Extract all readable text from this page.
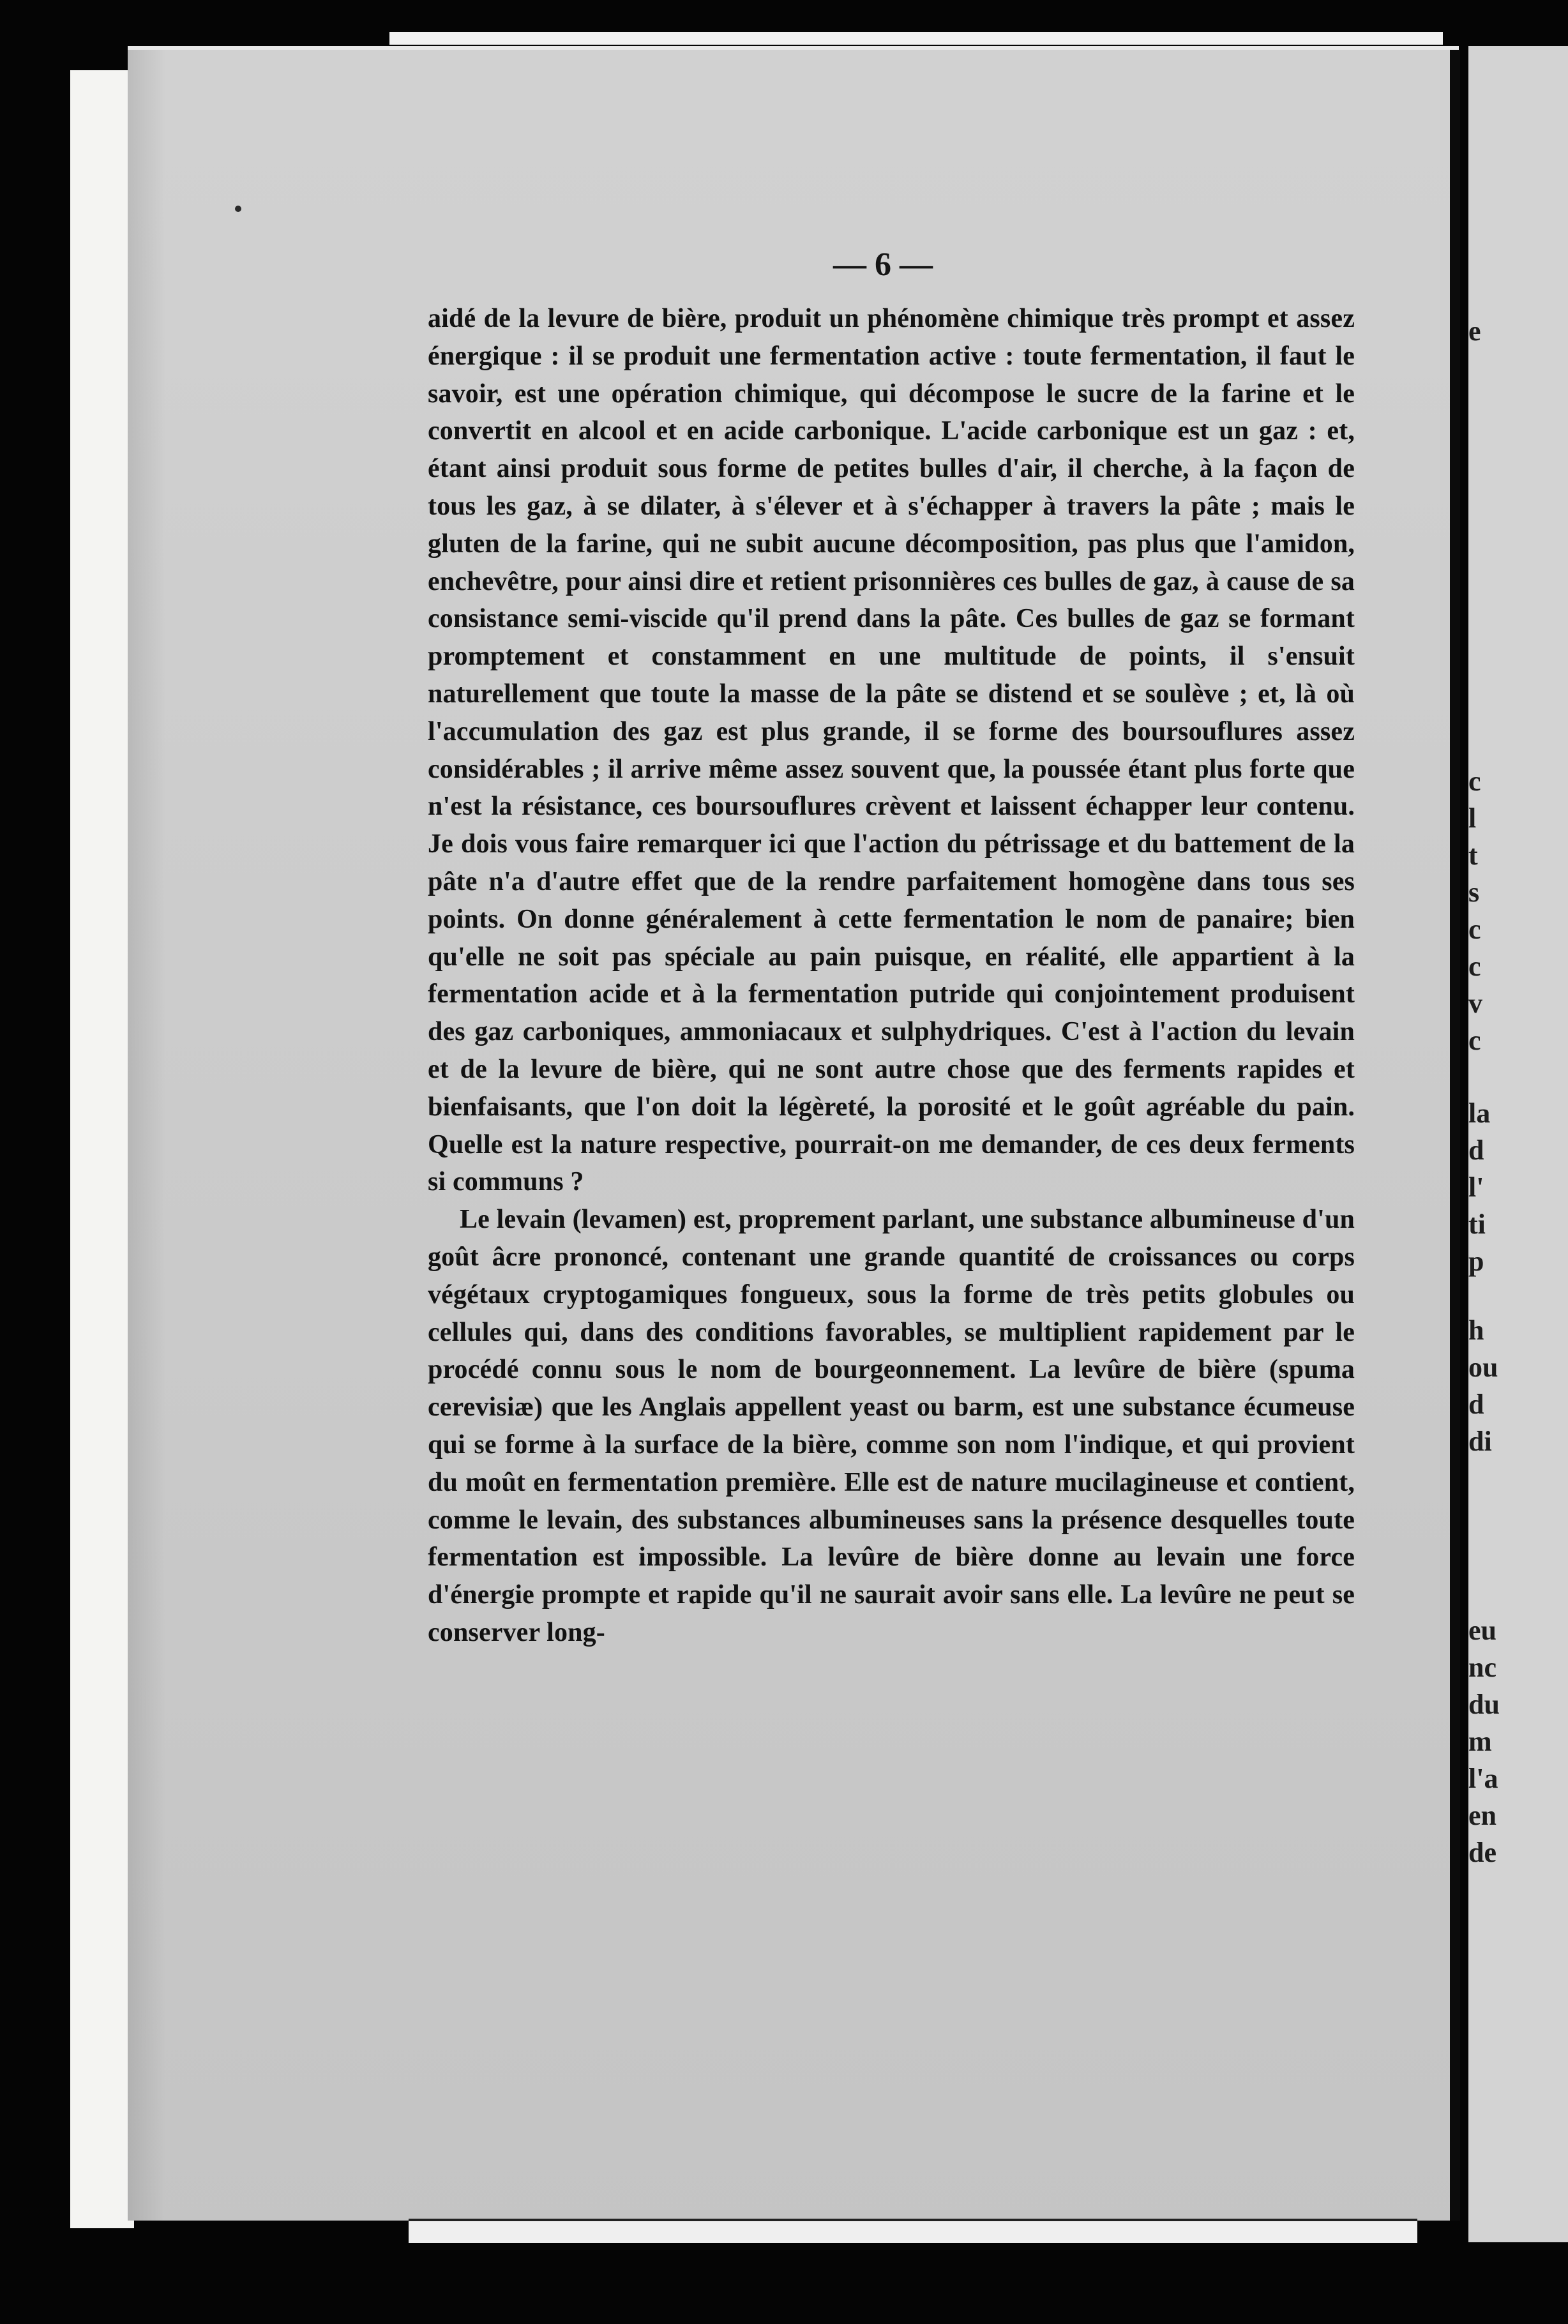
e
c
l
t
s
c
c
v
c
la
d
l'
ti
p
h
ou
d
di
eu
nc
du
m
l'a
en
de
— 6 —

aidé de la levure de bière, produit un phénomène chimique très prompt et assez énergique : il se produit une fermentation active : toute fermentation, il faut le savoir, est une opération chimique, qui décompose le sucre de la farine et le convertit en alcool et en acide carbonique. L'acide carbonique est un gaz : et, étant ainsi produit sous forme de petites bulles d'air, il cherche, à la façon de tous les gaz, à se dilater, à s'élever et à s'échapper à travers la pâte ; mais le gluten de la farine, qui ne subit aucune décomposition, pas plus que l'amidon, enchevêtre, pour ainsi dire et retient prisonnières ces bulles de gaz, à cause de sa consistance semi-viscide qu'il prend dans la pâte. Ces bulles de gaz se formant promptement et constamment en une multitude de points, il s'ensuit naturellement que toute la masse de la pâte se distend et se soulève ; et, là où l'accumulation des gaz est plus grande, il se forme des boursouflures assez considérables ; il arrive même assez souvent que, la poussée étant plus forte que n'est la résistance, ces boursouflures crèvent et laissent échapper leur contenu. Je dois vous faire remarquer ici que l'action du pétrissage et du battement de la pâte n'a d'autre effet que de la rendre parfaitement homogène dans tous ses points. On donne généralement à cette fermentation le nom de panaire; bien qu'elle ne soit pas spéciale au pain puisque, en réalité, elle appartient à la fermentation acide et à la fermentation putride qui conjointement produisent des gaz carboniques, ammoniacaux et sulphydriques. C'est à l'action du levain et de la levure de bière, qui ne sont autre chose que des ferments rapides et bienfaisants, que l'on doit la légèreté, la porosité et le goût agréable du pain. Quelle est la nature respective, pourrait-on me demander, de ces deux ferments si communs ?

Le levain (levamen) est, proprement parlant, une substance albumineuse d'un goût âcre prononcé, contenant une grande quantité de croissances ou corps végétaux cryptogamiques fongueux, sous la forme de très petits globules ou cellules qui, dans des conditions favorables, se multiplient rapidement par le procédé connu sous le nom de bourgeonnement. La levûre de bière (spuma cerevisiæ) que les Anglais appellent yeast ou barm, est une substance écumeuse qui se forme à la surface de la bière, comme son nom l'indique, et qui provient du moût en fermentation première. Elle est de nature mucilagineuse et contient, comme le levain, des substances albumineuses sans la présence desquelles toute fermentation est impossible. La levûre de bière donne au levain une force d'énergie prompte et rapide qu'il ne saurait avoir sans elle. La levûre ne peut se conserver long-
